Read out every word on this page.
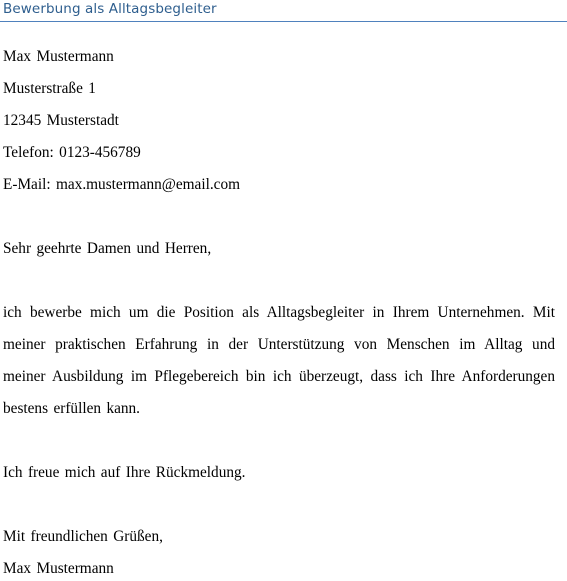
Bewerbung als Alltagsbegleiter
Max Mustermann
Musterstraße 1
12345 Musterstadt
Telefon: 0123-456789
E-Mail: max.mustermann@email.com
Sehr geehrte Damen und Herren,
ich bewerbe mich um die Position als Alltagsbegleiter in Ihrem Unternehmen. Mit
meiner praktischen Erfahrung in der Unterstützung von Menschen im Alltag und
meiner Ausbildung im Pflegebereich bin ich überzeugt, dass ich Ihre Anforderungen
bestens erfüllen kann.
Ich freue mich auf Ihre Rückmeldung.
Mit freundlichen Grüßen,
Max Mustermann
